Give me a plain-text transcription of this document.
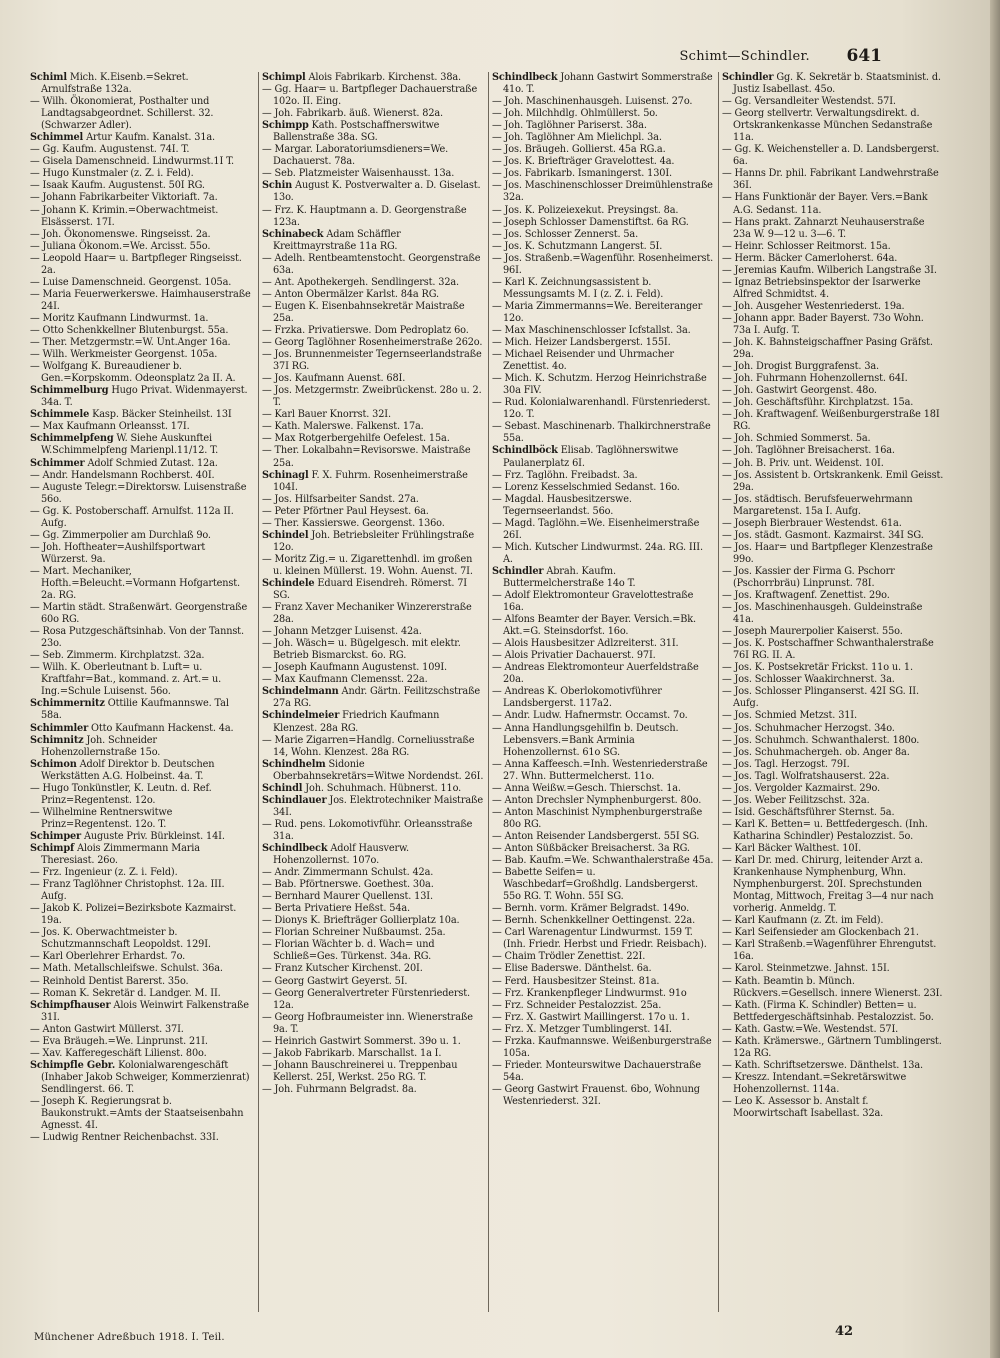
Schimt—Schindler. 641
Schiml Mich. K.Eisenb.=Sekret. Arnulfstraße 132a.
— Wilh. Ökonomierat, Posthalter und Landtagsabgeordnet. Schillerst. 32. (Schwarzer Adler).
Schimmel Artur Kaufm. Kanalst. 31a.
— Gg. Kaufm. Augustenst. 74I. T.
— Gisela Damenschneid. Lindwurmst.1I T.
— Hugo Kunstmaler (z. Z. i. Feld).
— Isaak Kaufm. Augustenst. 50I RG.
— Johann Fabrikarbeiter Viktoriaft. 7a.
— Johann K. Krimin.=Oberwachtmeist. Elsässerst. 17I.
— Joh. Ökonomenswe. Ringseisst. 2a.
— Juliana Ökonom.=We. Arcisst. 55o.
— Leopold Haar= u. Bartpfleger Ringseisst. 2a.
— Luise Damenschneid. Georgenst. 105a.
— Maria Feuerwerkerswe. Haimhauserstraße 24I.
— Moritz Kaufmann Lindwurmst. 1a.
— Otto Schenkkellner Blutenburgst. 55a.
— Ther. Metzgermstr.=W. Unt.Anger 16a.
— Wilh. Werkmeister Georgenst. 105a.
— Wolfgang K. Bureaudiener b. Gen.=Korpskomm. Odeonsplatz 2a II. A.
Schimmelburg Hugo Privat. Widenmayerst. 34a. T.
Schimmele Kasp. Bäcker Steinheilst. 13I
— Max Kaufmann Orleansst. 17I.
Schimmelpfeng W. Siehe Auskunftei W.Schimmelpfeng Marienpl.11/12. T.
Schimmer Adolf Schmied Zutast. 12a.
— Andr. Handelsmann Rochberst. 40I.
— Auguste Telegr.=Direktorsw. Luisenstraße 56o.
— Gg. K. Postoberschaff. Arnulfst. 112a II. Aufg.
— Gg. Zimmerpolier am Durchlaß 9o.
— Joh. Hoftheater=Aushilfsportwart Würzerst. 9a.
— Mart. Mechaniker, Hofth.=Beleucht.=Vormann Hofgartenst. 2a. RG.
— Martin städt. Straßenwärt. Georgenstraße 60o RG.
— Rosa Putzgeschäftsinhab. Von der Tannst. 23o.
— Seb. Zimmerm. Kirchplatzst. 32a.
— Wilh. K. Oberleutnant b. Luft= u. Kraftfahr=Bat., kommand. z. Art.= u. Ing.=Schule Luisenst. 56o.
Schimmernitz Ottilie Kaufmannswe. Tal 58a.
Schimmler Otto Kaufmann Hackenst. 4a.
Schimnitz Joh. Schneider Hohenzollernstraße 15o.
Schimon Adolf Direktor b. Deutschen Werkstätten A.G. Holbeinst. 4a. T.
— Hugo Tonkünstler, K. Leutn. d. Ref. Prinz=Regentenst. 12o.
— Wilhelmine Rentnerswitwe Prinz=Regentenst. 12o. T.
Schimper Auguste Priv. Bürkleinst. 14I.
Schimpf Alois Zimmermann Maria Theresiast. 26o.
— Frz. Ingenieur (z. Z. i. Feld).
— Franz Taglöhner Christophst. 12a. III. Aufg.
— Jakob K. Polizei=Bezirksbote Kazmairst. 19a.
— Jos. K. Oberwachtmeister b. Schutzmannschaft Leopoldst. 129I.
— Karl Oberlehrer Erhardst. 7o.
— Math. Metallschleifswe. Schulst. 36a.
— Reinhold Dentist Barerst. 35o.
— Roman K. Sekretär d. Landger. M. II.
Schimpfhauser Alois Weinwirt Falkenstraße 31I.
— Anton Gastwirt Müllerst. 37I.
— Eva Bräugeh.=We. Linprunst. 21I.
— Xav. Kafferegeschäft Lilienst. 80o.
Schimpfle Gebr. Kolonialwarengeschäft (Inhaber Jakob Schweiger, Kommerzienrat) Sendlingerst. 66. T.
— Joseph K. Regierungsrat b. Baukonstrukt.=Amts der Staatseisenbahn Agnesst. 4I.
— Ludwig Rentner Reichenbachst. 33I.
Schimpl Alois Fabrikarb. Kirchenst. 38a.
— Gg. Haar= u. Bartpfleger Dachauerstraße 102o. II. Eing.
— Joh. Fabrikarb. äuß. Wienerst. 82a.
Schimpp Kath. Postschaffnerswitwe Ballenstraße 38a. SG.
— Margar. Laboratoriumsdieners=We. Dachauerst. 78a.
— Seb. Platzmeister Waisenhausst. 13a.
Schin August K. Postverwalter a. D. Giselast. 13o.
— Frz. K. Hauptmann a. D. Georgenstraße 123a.
Schinabeck Adam Schäffler Kreittmayrstraße 11a RG.
— Adelh. Rentbeamtenstocht. Georgenstraße 63a.
— Ant. Apothekergeh. Sendlingerst. 32a.
— Anton Obermälzer Karlst. 84a RG.
— Eugen K. Eisenbahnsekretär Maistraße 25a.
— Frzka. Privatierswe. Dom Pedroplatz 6o.
— Georg Taglöhner Rosenheimerstraße 262o.
— Jos. Brunnenmeister Tegernseerlandstraße 37I RG.
— Jos. Kaufmann Auenst. 68I.
— Jos. Metzgermstr. Zweibrückenst. 28o u. 2. T.
— Karl Bauer Knorrst. 32I.
— Kath. Malerswe. Falkenst. 17a.
— Max Rotgerbergehilfe Oefelest. 15a.
— Ther. Lokalbahn=Revisorswe. Maistraße 25a.
Schinagl F. X. Fuhrm. Rosenheimerstraße 104I.
— Jos. Hilfsarbeiter Sandst. 27a.
— Peter Pförtner Paul Heysest. 6a.
— Ther. Kassierswe. Georgenst. 136o.
Schindel Joh. Betriebsleiter Frühlingstraße 12o.
— Moritz Zig.= u. Zigarettenhdl. im großen u. kleinen Müllerst. 19. Wohn. Auenst. 7I.
Schindele Eduard Eisendreh. Römerst. 7I SG.
— Franz Xaver Mechaniker Winzererstraße 28a.
— Johann Metzger Luisenst. 42a.
— Joh. Wäsch= u. Bügelgesch. mit elektr. Betrieb Bismarckst. 6o. RG.
— Joseph Kaufmann Augustenst. 109I.
— Max Kaufmann Clemensst. 22a.
Schindelmann Andr. Gärtn. Feilitzschstraße 27a RG.
Schindelmeier Friedrich Kaufmann Klenzest. 28a RG.
— Marie Zigarren=Handlg. Corneliusstraße 14, Wohn. Klenzest. 28a RG.
Schindhelm Sidonie Oberbahnsekretärs=Witwe Nordendst. 26I.
Schindl Joh. Schuhmach. Hübnerst. 11o.
Schindlauer Jos. Elektrotechniker Maistraße 34I.
— Rud. pens. Lokomotivführ. Orleansstraße 31a.
Schindlbeck Adolf Hausverw. Hohenzollernst. 107o.
— Andr. Zimmermann Schulst. 42a.
— Bab. Pförtnerswe. Goethest. 30a.
— Bernhard Maurer Quellenst. 13I.
— Berta Privatiere Heßst. 54a.
— Dionys K. Briefträger Gollierplatz 10a.
— Florian Schreiner Nußbaumst. 25a.
— Florian Wächter b. d. Wach= und Schließ=Ges. Türkenst. 34a. RG.
— Franz Kutscher Kirchenst. 20I.
— Georg Gastwirt Geyerst. 5I.
— Georg Generalvertreter Fürstenriederst. 12a.
— Georg Hofbraumeister inn. Wienerstraße 9a. T.
— Heinrich Gastwirt Sommerst. 39o u. 1.
— Jakob Fabrikarb. Marschallst. 1a I.
— Johann Bauschreinerei u. Treppenbau Kellerst. 25I, Werkst. 25o RG. T.
— Joh. Fuhrmann Belgradst. 8a.
Schindlbeck Johann Gastwirt Sommerstraße 41o. T.
— Joh. Maschinenhausgeh. Luisenst. 27o.
— Joh. Milchhdlg. Ohlmüllerst. 5o.
— Joh. Taglöhner Pariserst. 38a.
— Joh. Taglöhner Am Mielichpl. 3a.
— Jos. Bräugeh. Gollierst. 45a RG.a.
— Jos. K. Briefträger Gravelottest. 4a.
— Jos. Fabrikarb. Ismaningerst. 130I.
— Jos. Maschinenschlosser Dreimühlenstraße 32a.
— Jos. K. Polizeiexekut. Preysingst. 8a.
— Joseph Schlosser Damenstiftst. 6a RG.
— Jos. Schlosser Zennerst. 5a.
— Jos. K. Schutzmann Langerst. 5I.
— Jos. Straßenb.=Wagenführ. Rosenheimerst. 96I.
— Karl K. Zeichnungsassistent b. Messungsamts M. I (z. Z. i. Feld).
— Maria Zimmermanns=We. Bereiteranger 12o.
— Max Maschinenschlosser Icfstallst. 3a.
— Mich. Heizer Landsbergerst. 155I.
— Michael Reisender und Uhrmacher Zenettist. 4o.
— Mich. K. Schutzm. Herzog Heinrichstraße 30a FlV.
— Rud. Kolonialwarenhandl. Fürstenriederst. 12o. T.
— Sebast. Maschinenarb. Thalkirchnerstraße 55a.
Schindlböck Elisab. Taglöhnerswitwe Paulanerplatz 6I.
— Frz. Taglöhn. Freibadst. 3a.
— Lorenz Kesselschmied Sedanst. 16o.
— Magdal. Hausbesitzerswe. Tegernseerlandst. 56o.
— Magd. Taglöhn.=We. Eisenheimerstraße 26I.
— Mich. Kutscher Lindwurmst. 24a. RG. III. A.
Schindler Abrah. Kaufm. Buttermelcherstraße 14o T.
— Adolf Elektromonteur Gravelottestraße 16a.
— Alfons Beamter der Bayer. Versich.=Bk. Akt.=G. Steinsdorfst. 16o.
— Alois Hausbesitzer Adlzreiterst. 31I.
— Alois Privatier Dachauerst. 97I.
— Andreas Elektromonteur Auerfeldstraße 20a.
— Andreas K. Oberlokomotivführer Landsbergerst. 117a2.
— Andr. Ludw. Hafnermstr. Occamst. 7o.
— Anna Handlungsgehilfin b. Deutsch. Lebensvers.=Bank Arminia Hohenzollernst. 61o SG.
— Anna Kaffeesch.=Inh. Westenriederstraße 27. Whn. Buttermelcherst. 11o.
— Anna Weißw.=Gesch. Thierschst. 1a.
— Anton Drechsler Nymphenburgerst. 80o.
— Anton Maschinist Nymphenburgerstraße 80o RG.
— Anton Reisender Landsbergerst. 55I SG.
— Anton Süßbäcker Breisacherst. 3a RG.
— Bab. Kaufm.=We. Schwanthalerstraße 45a.
— Babette Seifen= u. Waschbedarf=Großhdlg. Landsbergerst. 55o RG. T. Wohn. 55I SG.
— Bernh. vorm. Krämer Belgradst. 149o.
— Bernh. Schenkkellner Oettingenst. 22a.
— Carl Warenagentur Lindwurmst. 159 T. (Inh. Friedr. Herbst und Friedr. Reisbach).
— Chaim Trödler Zenettist. 22I.
— Elise Baderswe. Dänthelst. 6a.
— Ferd. Hausbesitzer Steinst. 81a.
— Frz. Krankenpfleger Lindwurmst. 91o
— Frz. Schneider Pestalozzist. 25a.
— Frz. X. Gastwirt Maillingerst. 17o u. 1.
— Frz. X. Metzger Tumblingerst. 14I.
— Frzka. Kaufmannswe. Weißenburgerstraße 105a.
— Frieder. Monteurswitwe Dachauerstraße 54a.
— Georg Gastwirt Frauenst. 6bo, Wohnung Westenriederst. 32I.
Schindler Gg. K. Sekretär b. Staatsminist. d. Justiz Isabellast. 45o.
— Gg. Versandleiter Westendst. 57I.
— Georg stellvertr. Verwaltungsdirekt. d. Ortskrankenkasse München Sedanstraße 11a.
— Gg. K. Weichensteller a. D. Landsbergerst. 6a.
— Hanns Dr. phil. Fabrikant Landwehrstraße 36I.
— Hans Funktionär der Bayer. Vers.=Bank A.G. Sedanst. 11a.
— Hans prakt. Zahnarzt Neuhauserstraße 23a W. 9—12 u. 3—6. T.
— Heinr. Schlosser Reitmorst. 15a.
— Herm. Bäcker Camerloherst. 64a.
— Jeremias Kaufm. Wilberich Langstraße 3I.
— Ignaz Betriebsinspektor der Isarwerke Alfred Schmidtst. 4.
— Joh. Ausgeher Westenriederst. 19a.
— Johann appr. Bader Bayerst. 73o Wohn. 73a I. Aufg. T.
— Joh. K. Bahnsteigschaffner Pasing Gräfst. 29a.
— Joh. Drogist Burggrafenst. 3a.
— Joh. Fuhrmann Hohenzollernst. 64I.
— Joh. Gastwirt Georgenst. 48o.
— Joh. Geschäftsführ. Kirchplatzst. 15a.
— Joh. Kraftwagenf. Weißenburgerstraße 18I RG.
— Joh. Schmied Sommerst. 5a.
— Joh. Taglöhner Breisacherst. 16a.
— Joh. B. Priv. unt. Weidenst. 10I.
— Jos. Assistent b. Ortskrankenk. Emil Geisst. 29a.
— Jos. städtisch. Berufsfeuerwehrmann Margaretenst. 15a I. Aufg.
— Joseph Bierbrauer Westendst. 61a.
— Jos. städt. Gasmont. Kazmairst. 34I SG.
— Jos. Haar= und Bartpfleger Klenzestraße 99o.
— Jos. Kassier der Firma G. Pschorr (Pschorrbräu) Linprunst. 78I.
— Jos. Kraftwagenf. Zenettist. 29o.
— Jos. Maschinenhausgeh. Guldeinstraße 41a.
— Joseph Maurerpolier Kaiserst. 55o.
— Jos. K. Postschaffner Schwanthalerstraße 76I RG. II. A.
— Jos. K. Postsekretär Frickst. 11o u. 1.
— Jos. Schlosser Waakirchnerst. 3a.
— Jos. Schlosser Plinganserst. 42I SG. II. Aufg.
— Jos. Schmied Metzst. 31I.
— Jos. Schuhmacher Herzogst. 34o.
— Jos. Schuhmch. Schwanthalerst. 180o.
— Jos. Schuhmachergeh. ob. Anger 8a.
— Jos. Tagl. Herzogst. 79I.
— Jos. Tagl. Wolfratshauserst. 22a.
— Jos. Vergolder Kazmairst. 29o.
— Jos. Weber Feilitzschst. 32a.
— Isid. Geschäftsführer Sternst. 5a.
— Karl K. Betten= u. Bettfedergesch. (Inh. Katharina Schindler) Pestalozzist. 5o.
— Karl Bäcker Walthest. 10I.
— Karl Dr. med. Chirurg, leitender Arzt a. Krankenhause Nymphenburg, Whn. Nymphenburgerst. 20I. Sprechstunden Montag, Mittwoch, Freitag 3—4 nur nach vorherig. Anmeldg. T.
— Karl Kaufmann (z. Zt. im Feld).
— Karl Seifensieder am Glockenbach 21.
— Karl Straßenb.=Wagenführer Ehrengutst. 16a.
— Karol. Steinmetzwe. Jahnst. 15I.
— Kath. Beamtin b. Münch. Rückvers.=Gesellsch. innere Wienerst. 23I.
— Kath. (Firma K. Schindler) Betten= u. Bettfedergeschäftsinhab. Pestalozzist. 5o.
— Kath. Gastw.=We. Westendst. 57I.
— Kath. Krämerswe., Gärtnern Tumblingerst. 12a RG.
— Kath. Schriftsetzerswe. Dänthelst. 13a.
— Kreszz. Intendant.=Sekretärswitwe Hohenzollernst. 114a.
— Leo K. Assessor b. Anstalt f. Moorwirtschaft Isabellast. 32a.
Münchener Adreßbuch 1918. I. Teil.	42
